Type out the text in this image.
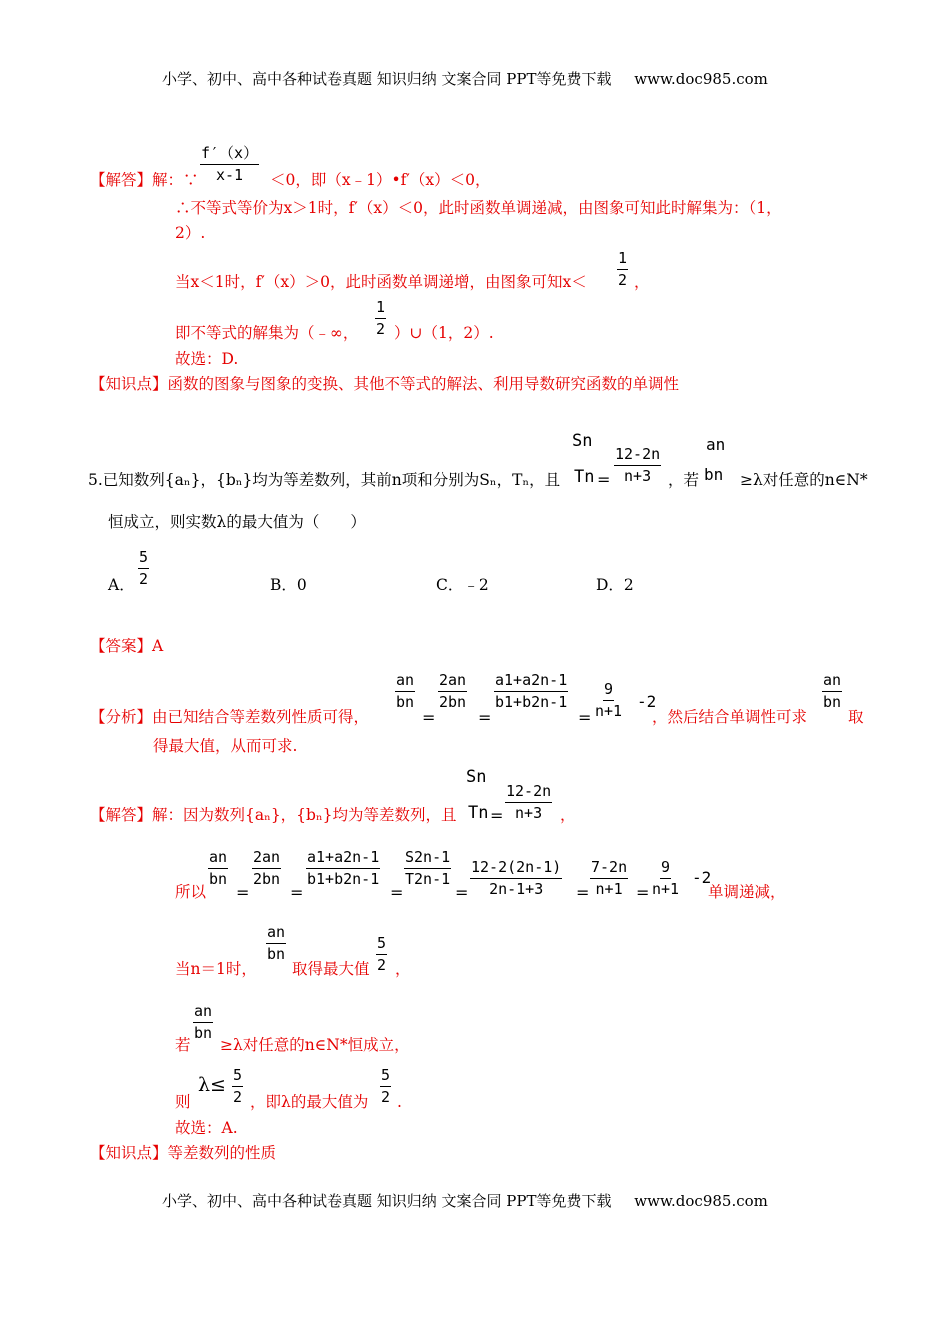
小学、初中、高中各种试卷真题 知识归纳 文案合同 PPT等免费下载 www.doc985.com
$\frac{f'(x)}{x-1}$
【解答】解：∵	＜0，即（x﹣1）•f′（x）＜0，
∴不等式等价为x＞1时，f′（x）＜0，此时函数单调递减，由图象可知此时解集为：（1，
2）.
当x＜1时，f′（x）＞0，此时函数单调递增，由图象可知$x< \frac{1}{2}$ ，
即不等式的解集为（﹣∞， $\frac{1}{2}$ ）∪（1，2）.
故选：D.
【知识点】函数的图象与图象的变换、其他不等式的解法、利用导数研究函数的单调性
5.已知数列{aₙ}，{bₙ}均为等差数列，其前n项和分别为Sₙ，Tₙ，且
Sn
$Tn = \frac{12-2n}{n+3}$ ，若
an
bn ≥λ对任意的n∈N*
恒成立，则实数λ的最大值为（　　）
A． $\frac{5}{2}$	B．0	C．﹣2	D．2
【答案】A
【分析】由已知结合等差数列性质可得，
$\frac{an}{bn}$
=
$\frac{2an}{2bn}$
=
$\frac{a1+a2n-1}{b1+b2n-1}$
= $\frac{9}{n+1} -2$
，然后结合单调性可求
$\frac{an}{bn}$
取
得最大值，从而可求.
【解答】解：因为数列{aₙ}，{bₙ}均为等差数列，且
Sn
$Tn = \frac{12-2n}{n+3}$ ，
所以
$\frac{an}{bn}$
=
$\frac{2an}{2bn}$
=
$\frac{a1+a2n-1}{b1+b2n-1}$
=
$\frac{S2n-1}{T2n-1}$
= $\frac{12-2(2n-1)}{2n-1+3} = \frac{7-2n}{n+1} = \frac{9}{n+1} -2$
单调递减，
当n＝1时，
$\frac{an}{bn}$
取得最大值 $\frac{5}{2}$ ，
若
$\frac{an}{bn}$
≥λ对任意的n∈N*恒成立，
则
$\lambda\le \frac{5}{2}$ ，即λ的最大值为 $\frac{5}{2}$ .
故选：A.
【知识点】等差数列的性质
小学、初中、高中各种试卷真题 知识归纳 文案合同 PPT等免费下载 www.doc985.com
